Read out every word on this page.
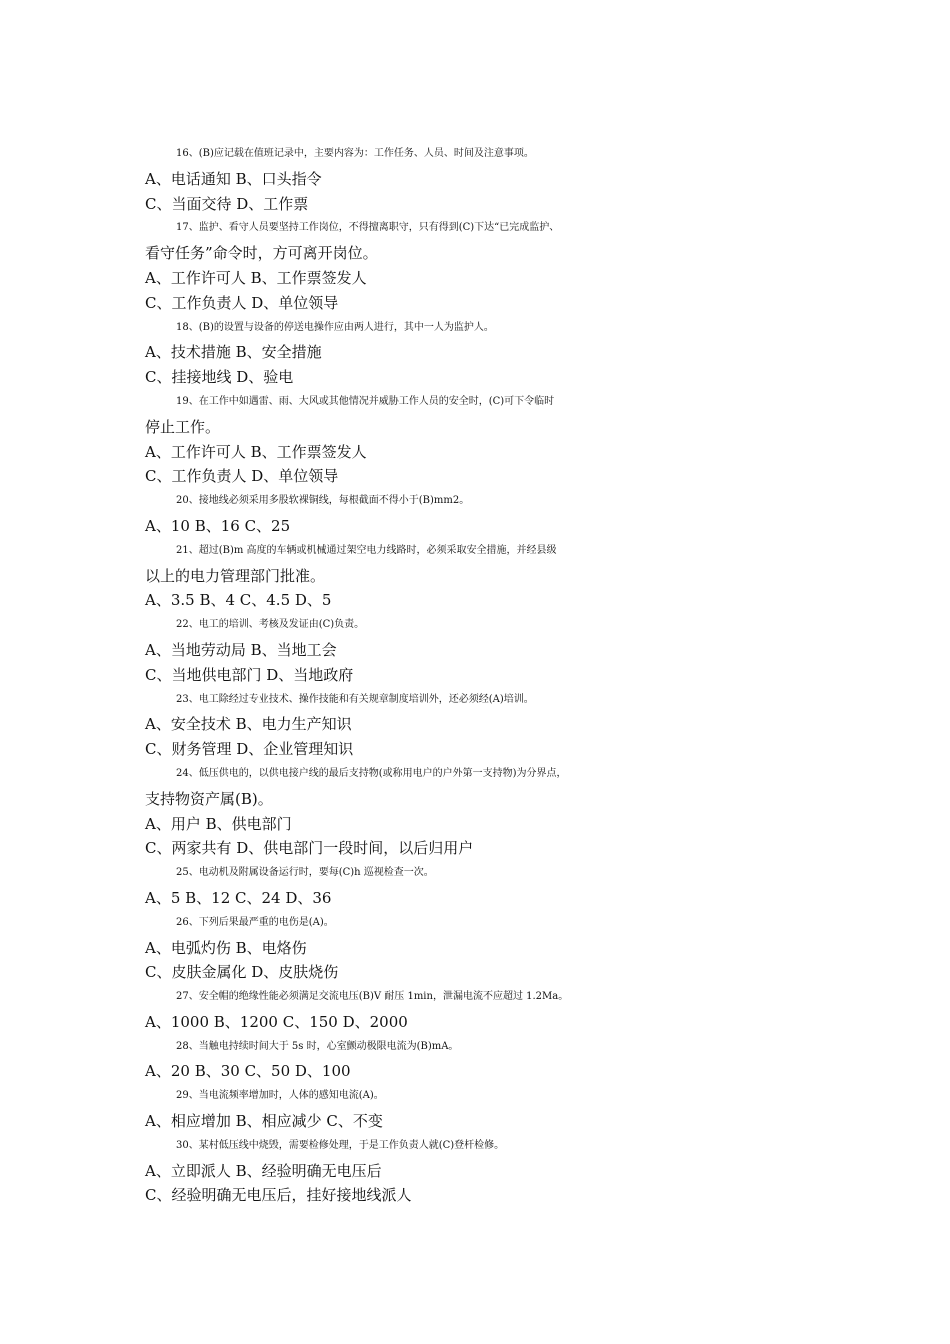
16、(B)应记载在值班记录中，主要内容为：工作任务、人员、时间及注意事项。
A、电话通知 B、口头指令
C、当面交待 D、工作票
17、监护、看守人员要坚持工作岗位，不得擅离职守，只有得到(C)下达“已完成监护、
看守任务”命令时，方可离开岗位。
A、工作许可人 B、工作票签发人
C、工作负责人 D、单位领导
18、(B)的设置与设备的停送电操作应由两人进行，其中一人为监护人。
A、技术措施 B、安全措施
C、挂接地线 D、验电
19、在工作中如遇雷、雨、大风或其他情况并威胁工作人员的安全时，(C)可下令临时
停止工作。
A、工作许可人 B、工作票签发人
C、工作负责人 D、单位领导
20、接地线必须采用多股软裸铜线，每根截面不得小于(B)mm2。
A、10 B、16 C、25
21、超过(B)m 高度的车辆或机械通过架空电力线路时，必须采取安全措施，并经县级
以上的电力管理部门批准。
A、3.5 B、4 C、4.5 D、5
22、电工的培训、考核及发证由(C)负责。
A、当地劳动局 B、当地工会
C、当地供电部门 D、当地政府
23、电工除经过专业技术、操作技能和有关规章制度培训外，还必须经(A)培训。
A、安全技术 B、电力生产知识
C、财务管理 D、企业管理知识
24、低压供电的，以供电接户线的最后支持物(或称用电户的户外第一支持物)为分界点，
支持物资产属(B)。
A、用户 B、供电部门
C、两家共有 D、供电部门一段时间，以后归用户
25、电动机及附属设备运行时，要每(C)h 巡视检查一次。
A、5 B、12 C、24 D、36
26、下列后果最严重的电伤是(A)。
A、电弧灼伤 B、电烙伤
C、皮肤金属化 D、皮肤烧伤
27、安全帽的绝缘性能必须满足交流电压(B)V 耐压 1min，泄漏电流不应超过 1.2Ma。
A、1000 B、1200 C、150 D、2000
28、当触电持续时间大于 5s 时，心室颤动极限电流为(B)mA。
A、20 B、30 C、50 D、100
29、当电流频率增加时，人体的感知电流(A)。
A、相应增加 B、相应减少 C、不变
30、某村低压线中烧毁，需要检修处理，于是工作负责人就(C)登杆检修。
A、立即派人 B、经验明确无电压后
C、经验明确无电压后，挂好接地线派人
